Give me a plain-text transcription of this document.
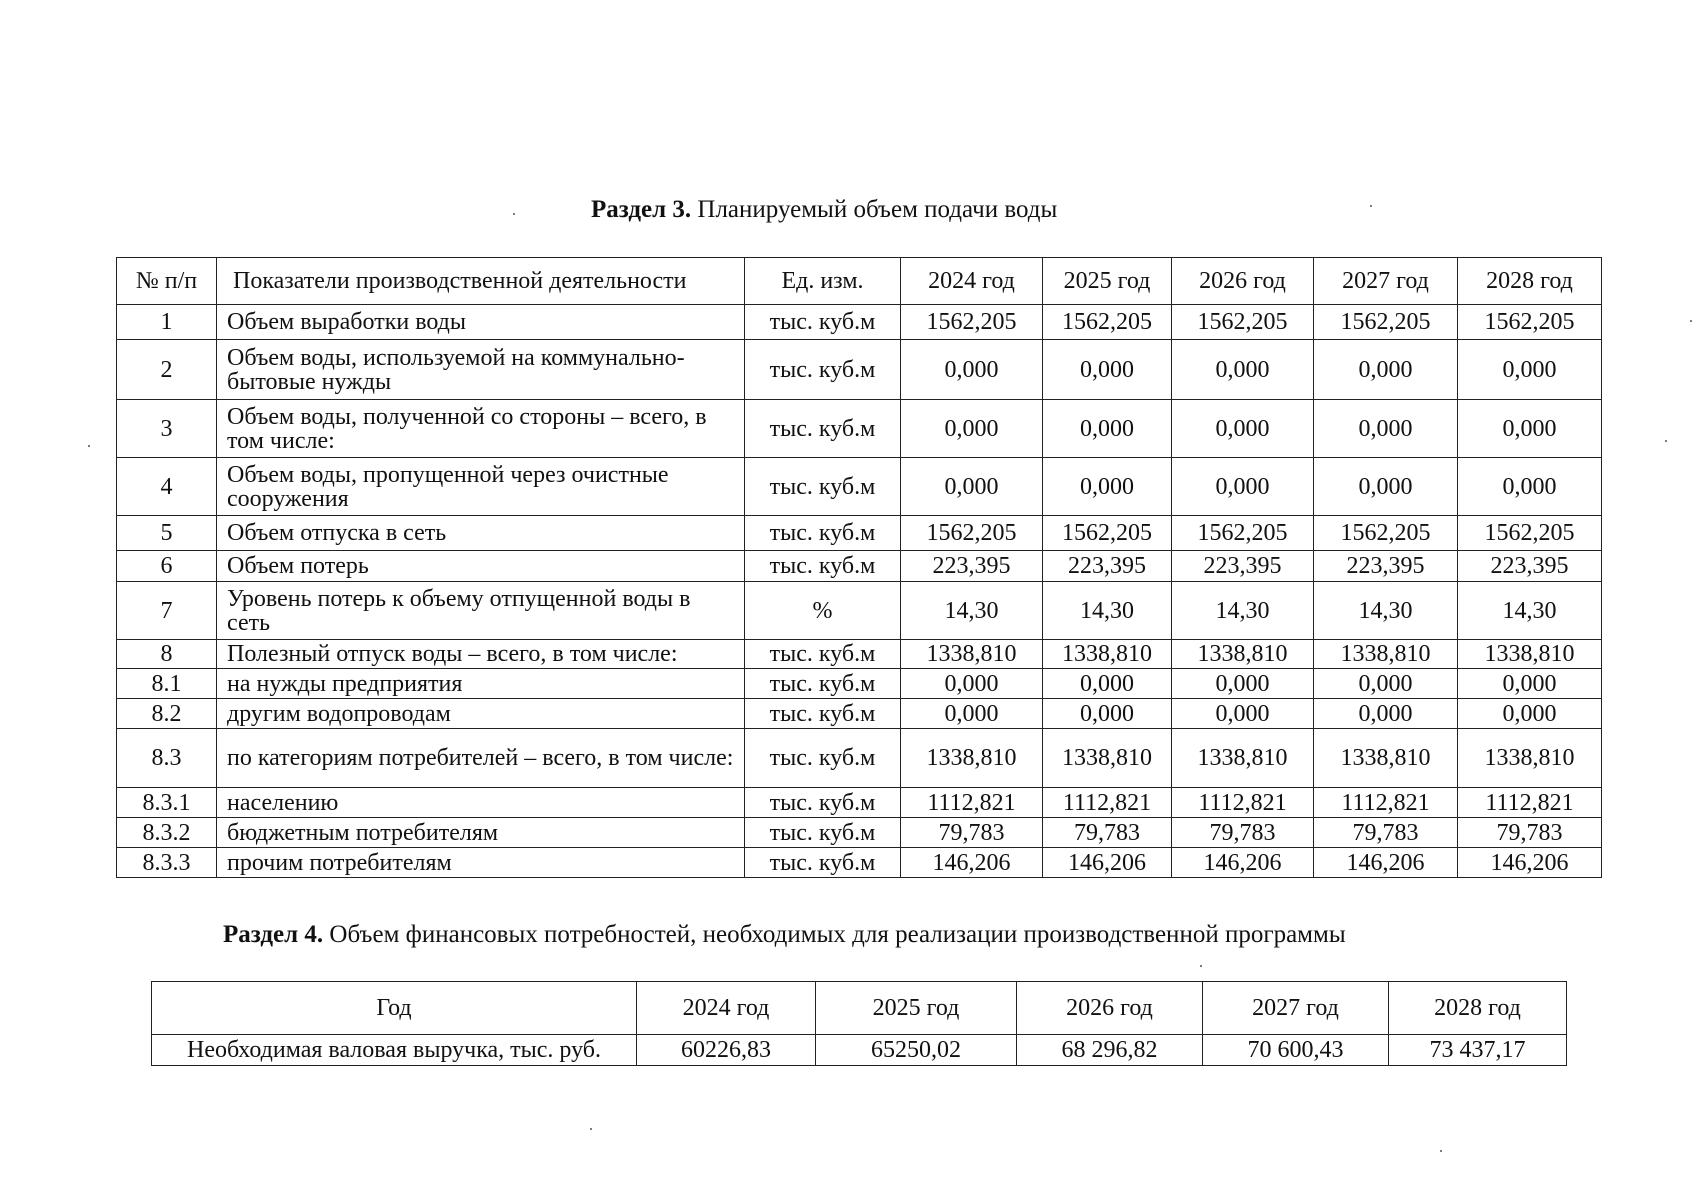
Раздел 3. Планируемый объем подачи воды
№ п/п	Показатели производственной деятельности	Ед. изм.	2024 год	2025 год	2026 год	2027 год	2028 год
1	Объем выработки воды	тыс. куб.м	1562,205	1562,205	1562,205	1562,205	1562,205
2	Объем воды, используемой на коммунально-бытовые нужды	тыс. куб.м	0,000	0,000	0,000	0,000	0,000
3	Объем воды, полученной со стороны – всего, в том числе:	тыс. куб.м	0,000	0,000	0,000	0,000	0,000
4	Объем воды, пропущенной через очистные сооружения	тыс. куб.м	0,000	0,000	0,000	0,000	0,000
5	Объем отпуска в сеть	тыс. куб.м	1562,205	1562,205	1562,205	1562,205	1562,205
6	Объем потерь	тыс. куб.м	223,395	223,395	223,395	223,395	223,395
7	Уровень потерь к объему отпущенной воды в сеть	%	14,30	14,30	14,30	14,30	14,30
8	Полезный отпуск воды – всего, в том числе:	тыс. куб.м	1338,810	1338,810	1338,810	1338,810	1338,810
8.1	на нужды предприятия	тыс. куб.м	0,000	0,000	0,000	0,000	0,000
8.2	другим водопроводам	тыс. куб.м	0,000	0,000	0,000	0,000	0,000
8.3	по категориям потребителей – всего, в том числе:	тыс. куб.м	1338,810	1338,810	1338,810	1338,810	1338,810
8.3.1	населению	тыс. куб.м	1112,821	1112,821	1112,821	1112,821	1112,821
8.3.2	бюджетным потребителям	тыс. куб.м	79,783	79,783	79,783	79,783	79,783
8.3.3	прочим потребителям	тыс. куб.м	146,206	146,206	146,206	146,206	146,206
Раздел 4. Объем финансовых потребностей, необходимых для реализации производственной программы
Год	2024 год	2025 год	2026 год	2027 год	2028 год
Необходимая валовая выручка, тыс. руб.	60226,83	65250,02	68 296,82	70 600,43	73 437,17
